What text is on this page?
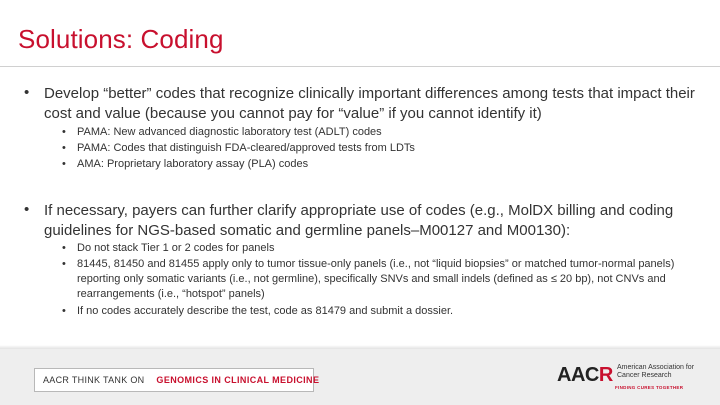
Solutions: Coding
• Develop “better” codes that recognize clinically important differences among tests that impact their cost and value (because you cannot pay for “value” if you cannot identify it)
• PAMA: New advanced diagnostic laboratory test (ADLT) codes
• PAMA: Codes that distinguish FDA-cleared/approved tests from LDTs
• AMA: Proprietary laboratory assay (PLA) codes
• If necessary, payers can further clarify appropriate use of codes (e.g., MolDX billing and coding guidelines for NGS-based somatic and germline panels–M00127 and M00130):
• Do not stack Tier 1 or 2 codes for panels
• 81445, 81450 and 81455 apply only to tumor tissue-only panels (i.e., not “liquid biopsies” or matched tumor-normal panels) reporting only somatic variants (i.e., not germline), specifically SNVs and small indels (defined as ≤ 20 bp), not CNVs and rearrangements (i.e., “hotspot” panels)
• If no codes accurately describe the test, code as 81479 and submit a dossier.
AACR THINK TANK ON GENOMICS IN CLINICAL MEDICINE	AACR American Association for Cancer Research
FINDING CURES TOGETHER
